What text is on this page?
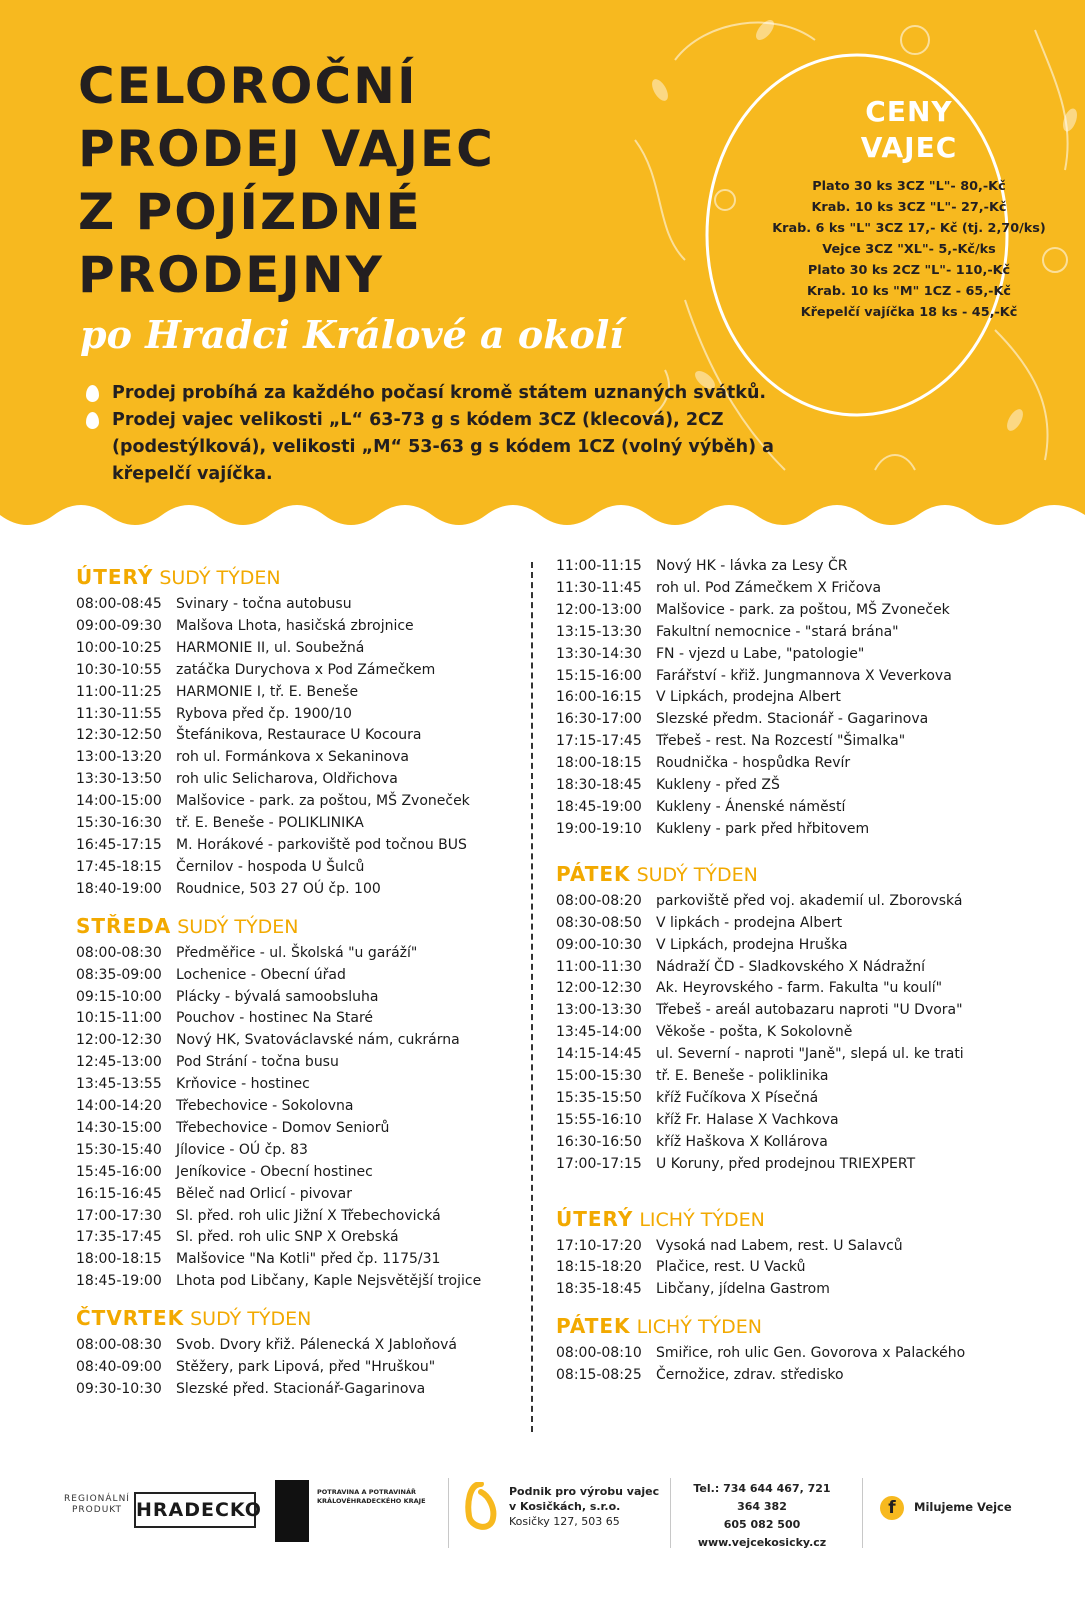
CELOROČNÍ
PRODEJ VAJEC
Z POJÍZDNÉ
PRODEJNY
po Hradci Králové a okolí
Prodej probíhá za každého počasí kromě státem uznaných svátků.
Prodej vajec velikosti „L“ 63-73 g s kódem 3CZ (klecová), 2CZ (podestýlková), velikosti „M“ 53-63 g s kódem 1CZ (volný výběh) a křepelčí vajíčka.
CENY
VAJEC
Plato 30 ks 3CZ "L"- 80,-Kč
Krab. 10 ks 3CZ "L"- 27,-Kč
Krab. 6 ks "L" 3CZ 17,- Kč (tj. 2,70/ks)
Vejce 3CZ "XL"- 5,-Kč/ks
Plato 30 ks 2CZ "L"- 110,-Kč
Krab. 10 ks "M" 1CZ - 65,-Kč
Křepelčí vajíčka 18 ks - 45,-Kč
ÚTERÝ SUDÝ TÝDEN
08:00-08:45	Svinary - točna autobusu
09:00-09:30	Malšova Lhota, hasičská zbrojnice
10:00-10:25	HARMONIE II, ul. Soubežná
10:30-10:55	zatáčka Durychova x Pod Zámečkem
11:00-11:25	HARMONIE I, tř. E. Beneše
11:30-11:55	Rybova před čp. 1900/10
12:30-12:50	Štefánikova, Restaurace U Kocoura
13:00-13:20	roh ul. Formánkova x Sekaninova
13:30-13:50	roh ulic Selicharova, Oldřichova
14:00-15:00	Malšovice - park. za poštou, MŠ Zvoneček
15:30-16:30	tř. E. Beneše - POLIKLINIKA
16:45-17:15	M. Horákové - parkoviště pod točnou BUS
17:45-18:15	Černilov - hospoda U Šulců
18:40-19:00	Roudnice, 503 27 OÚ čp. 100
STŘEDA SUDÝ TÝDEN
08:00-08:30	Předměřice - ul. Školská "u garáží"
08:35-09:00	Lochenice - Obecní úřad
09:15-10:00	Plácky - bývalá samoobsluha
10:15-11:00	Pouchov - hostinec Na Staré
12:00-12:30	Nový HK, Svatováclavské nám, cukrárna
12:45-13:00	Pod Strání - točna busu
13:45-13:55	Krňovice - hostinec
14:00-14:20	Třebechovice - Sokolovna
14:30-15:00	Třebechovice - Domov Seniorů
15:30-15:40	Jílovice - OÚ čp. 83
15:45-16:00	Jeníkovice - Obecní hostinec
16:15-16:45	Běleč nad Orlicí - pivovar
17:00-17:30	Sl. před. roh ulic Jižní X Třebechovická
17:35-17:45	Sl. před. roh ulic SNP X Orebská
18:00-18:15	Malšovice "Na Kotli" před čp. 1175/31
18:45-19:00	Lhota pod Libčany, Kaple Nejsvětější trojice
ČTVRTEK SUDÝ TÝDEN
08:00-08:30	Svob. Dvory křiž. Pálenecká X Jabloňová
08:40-09:00	Stěžery, park Lipová, před "Hruškou"
09:30-10:30	Slezské před. Stacionář-Gagarinova
11:00-11:15	Nový HK - lávka za Lesy ČR
11:30-11:45	roh ul. Pod Zámečkem X Fričova
12:00-13:00	Malšovice - park. za poštou, MŠ Zvoneček
13:15-13:30	Fakultní nemocnice - "stará brána"
13:30-14:30	FN - vjezd u Labe, "patologie"
15:15-16:00	Farářství - křiž. Jungmannova X Veverkova
16:00-16:15	V Lipkách, prodejna Albert
16:30-17:00	Slezské předm. Stacionář - Gagarinova
17:15-17:45	Třebeš - rest. Na Rozcestí "Šimalka"
18:00-18:15	Roudnička - hospůdka Revír
18:30-18:45	Kukleny - před ZŠ
18:45-19:00	Kukleny - Ánenské náměstí
19:00-19:10	Kukleny - park před hřbitovem
PÁTEK SUDÝ TÝDEN
08:00-08:20	parkoviště před voj. akademií ul. Zborovská
08:30-08:50	V lipkách - prodejna Albert
09:00-10:30	V Lipkách, prodejna Hruška
11:00-11:30	Nádraží ČD - Sladkovského X Nádražní
12:00-12:30	Ak. Heyrovského - farm. Fakulta "u koulí"
13:00-13:30	Třebeš - areál autobazaru naproti "U Dvora"
13:45-14:00	Věkoše - pošta, K Sokolovně
14:15-14:45	ul. Severní - naproti "Janě", slepá ul. ke trati
15:00-15:30	tř. E. Beneše - poliklinika
15:35-15:50	kříž Fučíkova X Písečná
15:55-16:10	kříž Fr. Halase X Vachkova
16:30-16:50	kříž Haškova X Kollárova
17:00-17:15	U Koruny, před prodejnou TRIEXPERT
ÚTERÝ LICHÝ TÝDEN
17:10-17:20	Vysoká nad Labem, rest. U Salavců
18:15-18:20	Plačice, rest. U Vacků
18:35-18:45	Libčany, jídelna Gastrom
PÁTEK LICHÝ TÝDEN
08:00-08:10	Smiřice, roh ulic Gen. Govorova x Palackého
08:15-08:25	Černožice, zdrav. středisko
REGIONÁLNÍ PRODUKT HRADECKO
POTRAVINA A POTRAVINÁŘ KRÁLOVÉHRADECKÉHO KRAJE
Podnik pro výrobu vajec
v Kosičkách, s.r.o.
Kosičky 127, 503 65
Tel.: 734 644 467, 721 364 382
605 082 500
www.vejcekosicky.cz
f	Milujeme Vejce
